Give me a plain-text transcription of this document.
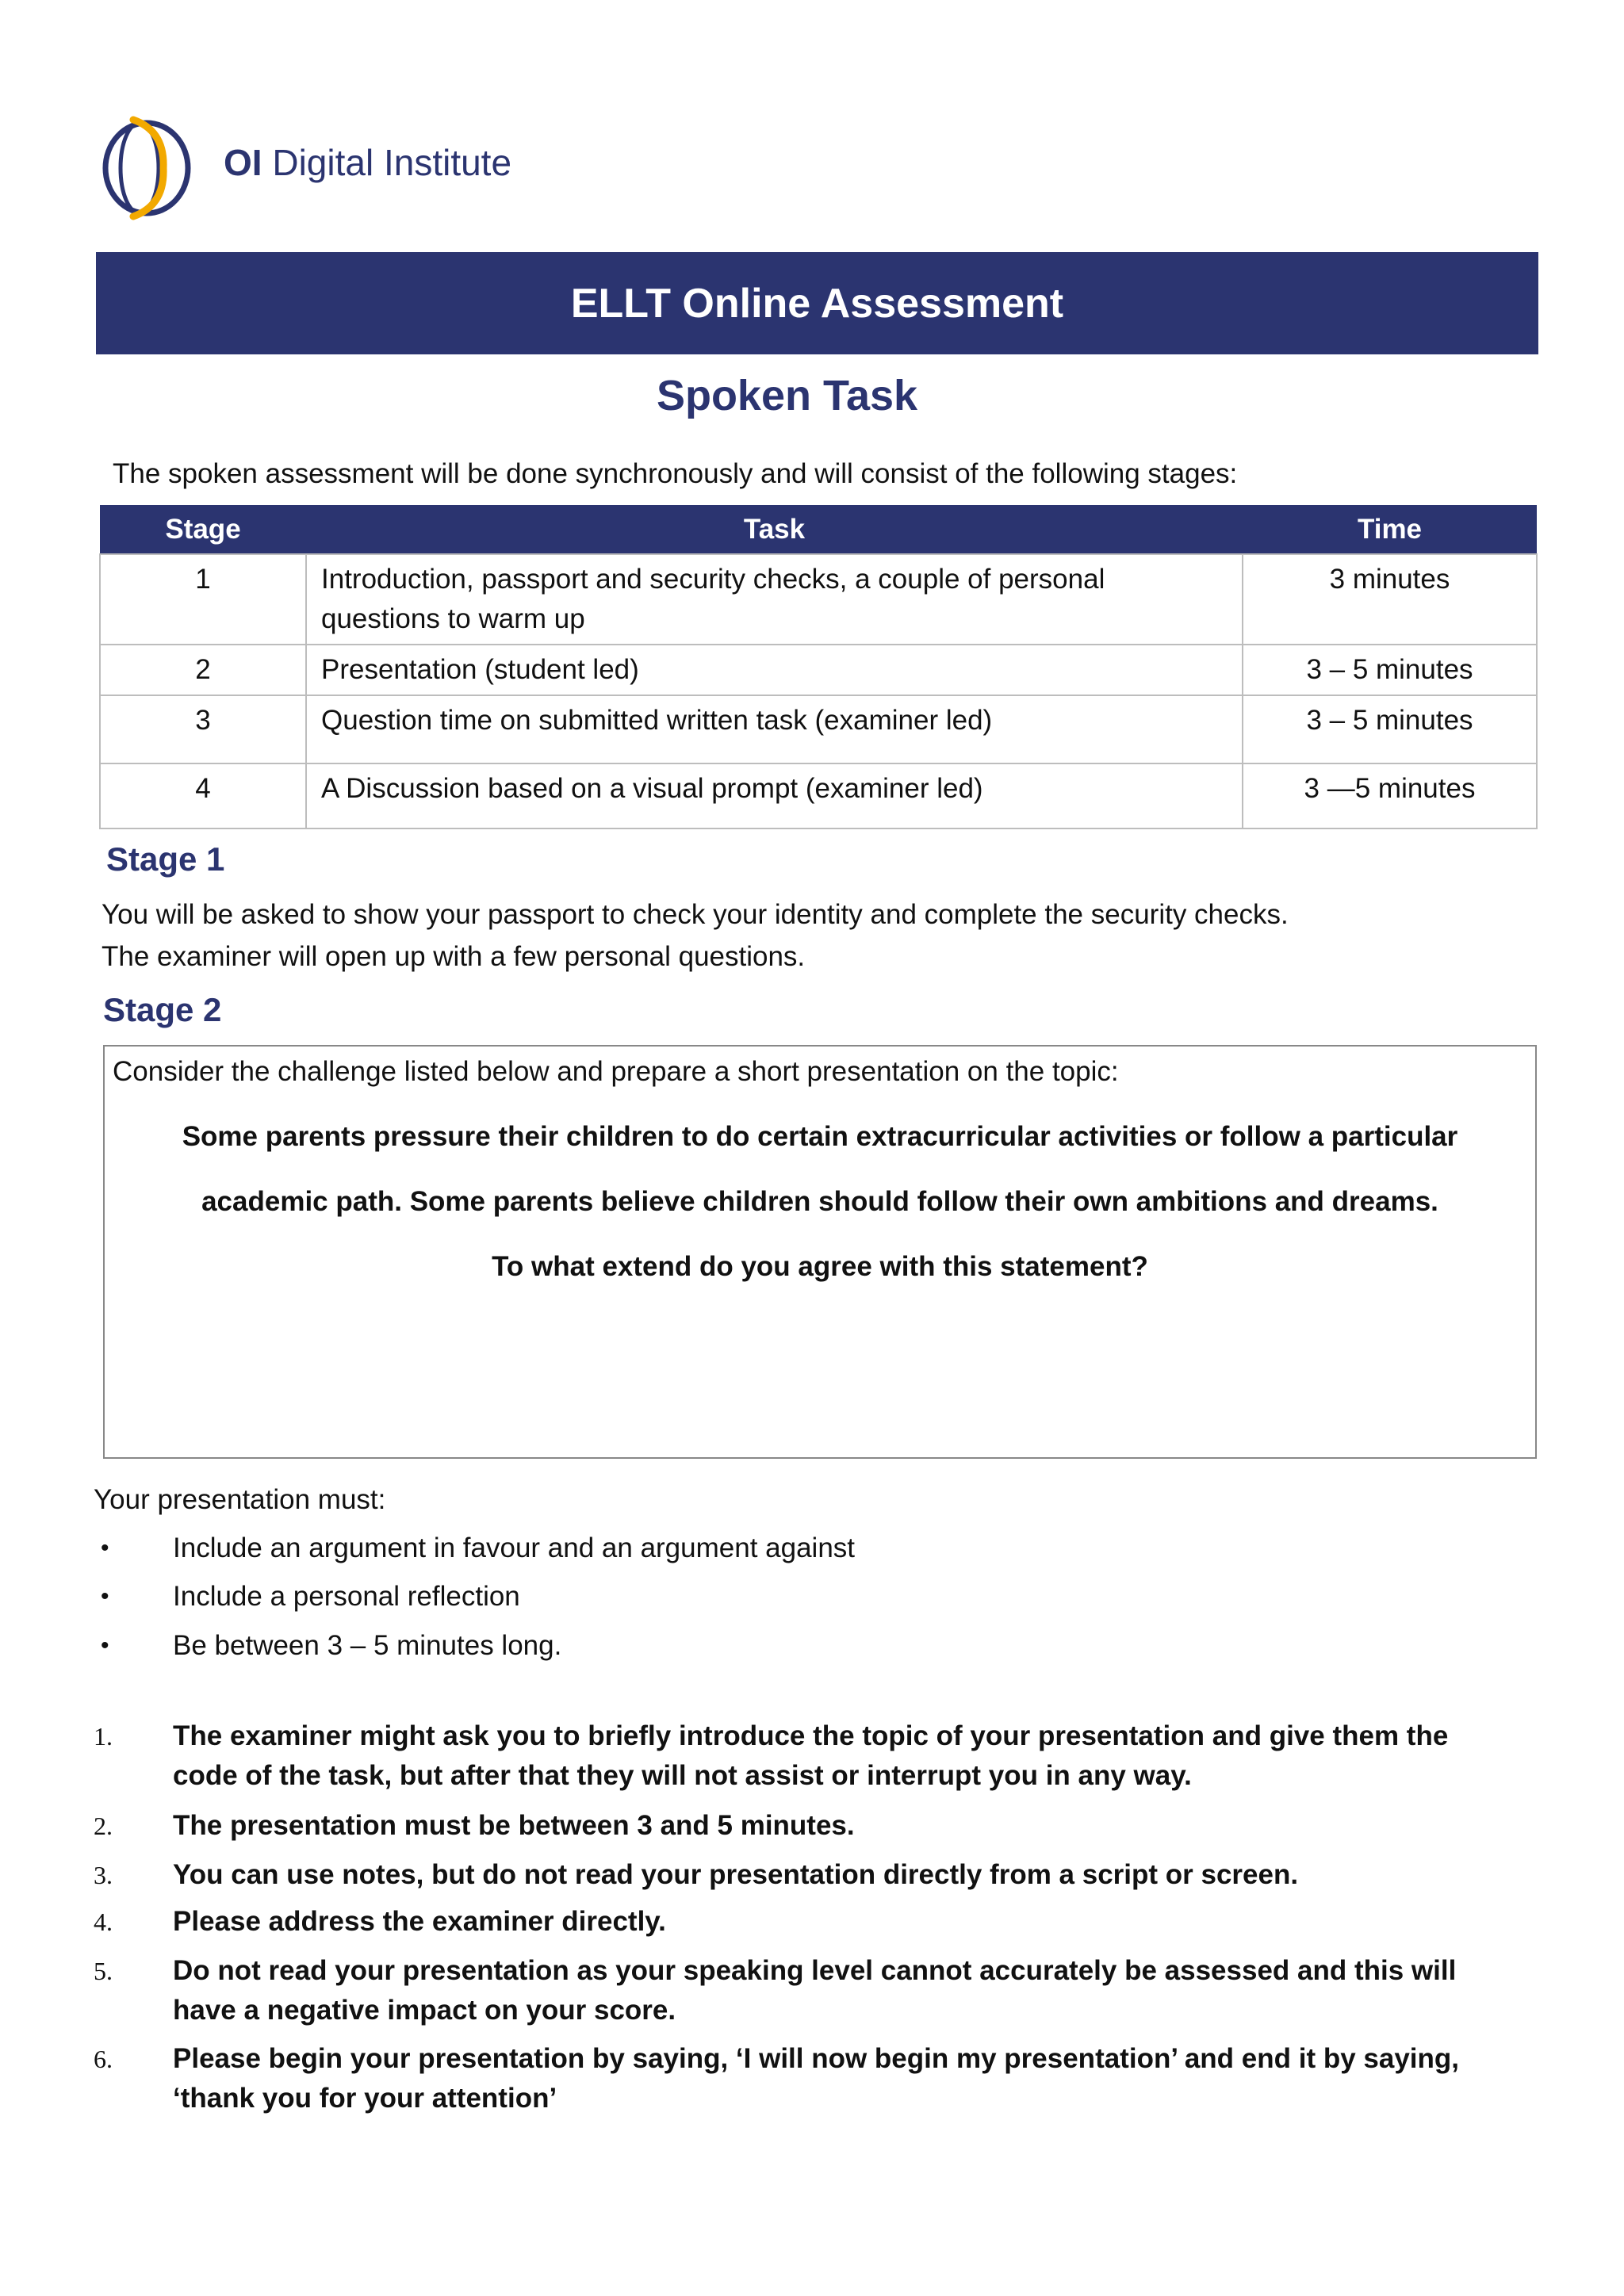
OI Digital Institute
ELLT Online Assessment
Spoken Task
The spoken assessment will be done synchronously and will consist of the following stages:
Stage	Task	Time
1	Introduction, passport and security checks, a couple of personal questions to warm up	3 minutes
2	Presentation (student led)	3 – 5 minutes
3	Question time on submitted written task (examiner led)	3 – 5 minutes
4	A Discussion based on a visual prompt (examiner led)	3 —5 minutes
Stage 1
You will be asked to show your passport to check your identity and complete the security checks.
The examiner will open up with a few personal questions.
Stage 2
Consider the challenge listed below and prepare a short presentation on the topic:
Some parents pressure their children to do certain extracurricular activities or follow a particular
academic path. Some parents believe children should follow their own ambitions and dreams.
To what extend do you agree with this statement?
Your presentation must:
• Include an argument in favour and an argument against
• Include a personal reflection
• Be between 3 – 5 minutes long.
1. The examiner might ask you to briefly introduce the topic of your presentation and give them the
code of the task, but after that they will not assist or interrupt you in any way.
2. The presentation must be between 3 and 5 minutes.
3. You can use notes, but do not read your presentation directly from a script or screen.
4. Please address the examiner directly.
5. Do not read your presentation as your speaking level cannot accurately be assessed and this will
have a negative impact on your score.
6. Please begin your presentation by saying, ‘I will now begin my presentation’ and end it by saying,
‘thank you for your attention’
